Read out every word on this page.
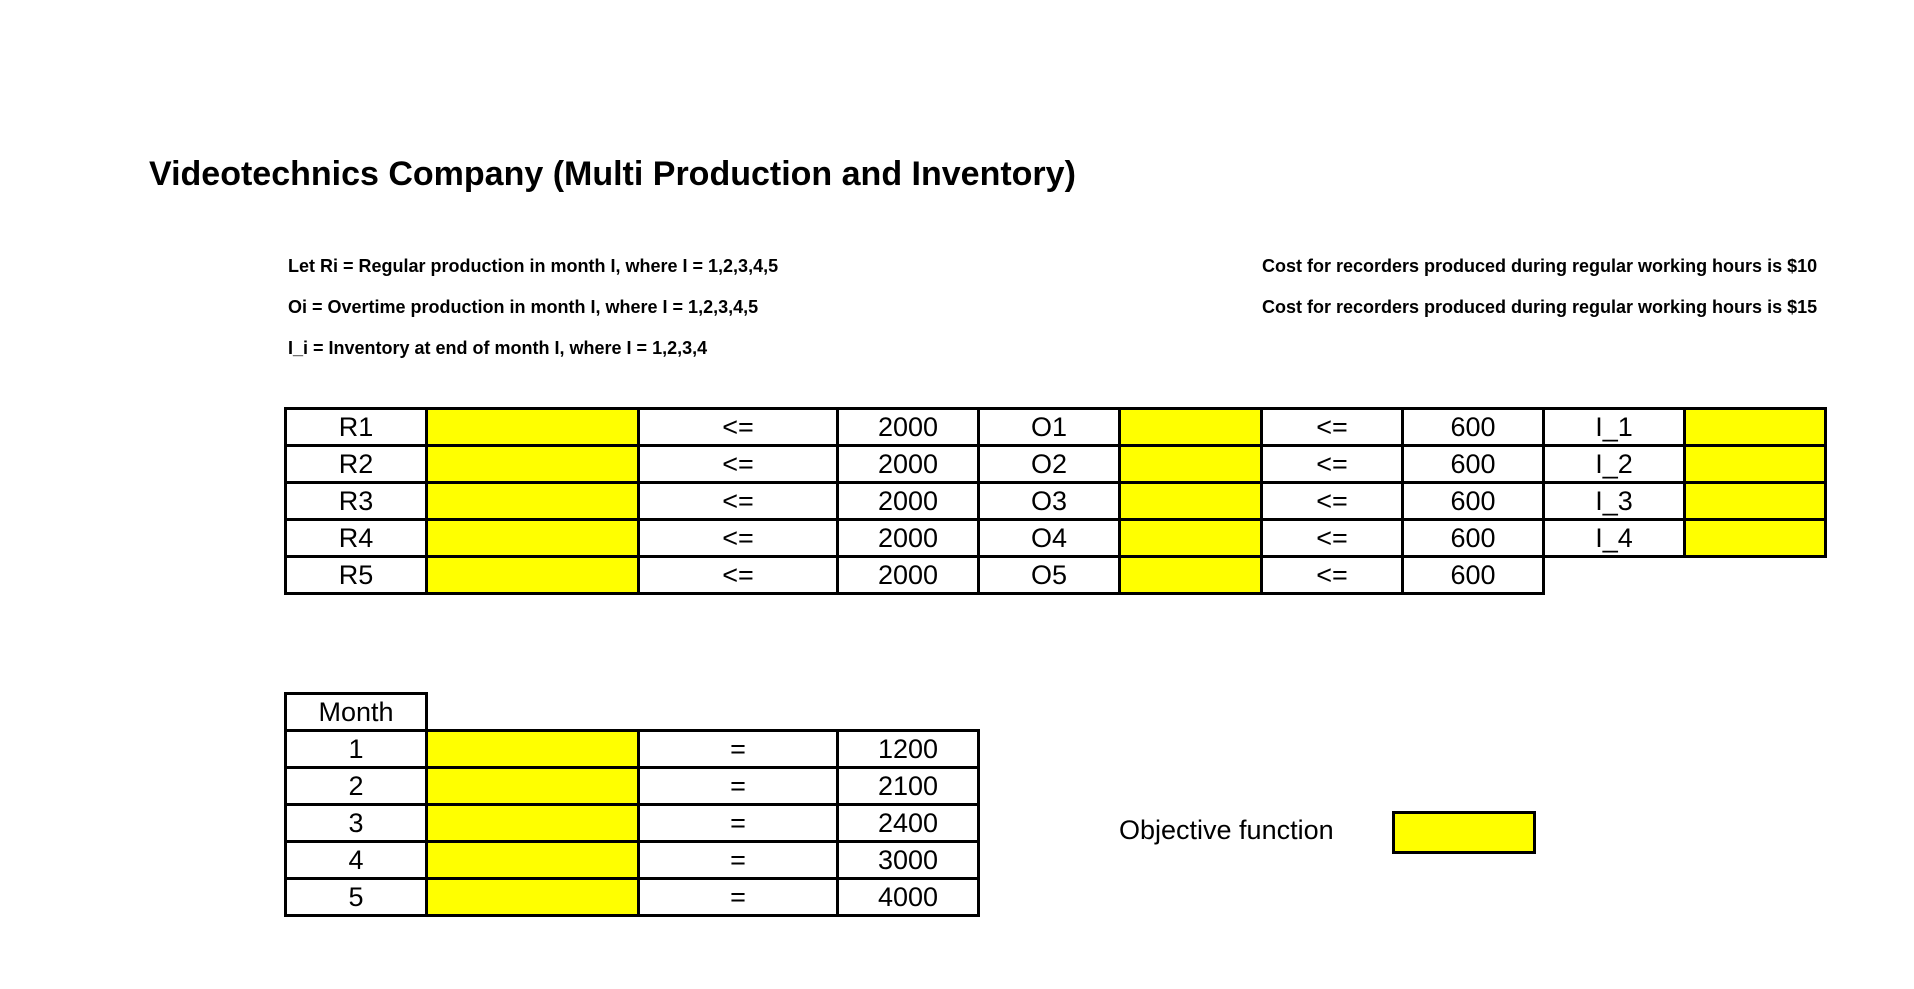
Videotechnics Company (Multi Production and Inventory)
Let Ri = Regular production in month I, where I = 1,2,3,4,5
Oi = Overtime production in month I, where I = 1,2,3,4,5
I_i = Inventory at end of month I, where I = 1,2,3,4
Cost for recorders produced during regular working hours is $10
Cost for recorders produced during regular working hours is $15
R1		<=	2000	O1		<=	600	I_1	
R2		<=	2000	O2		<=	600	I_2	
R3		<=	2000	O3		<=	600	I_3	
R4		<=	2000	O4		<=	600	I_4	
R5		<=	2000	O5		<=	600		
Month			
1		=	1200
2		=	2100
3		=	2400
4		=	3000
5		=	4000
Objective function
